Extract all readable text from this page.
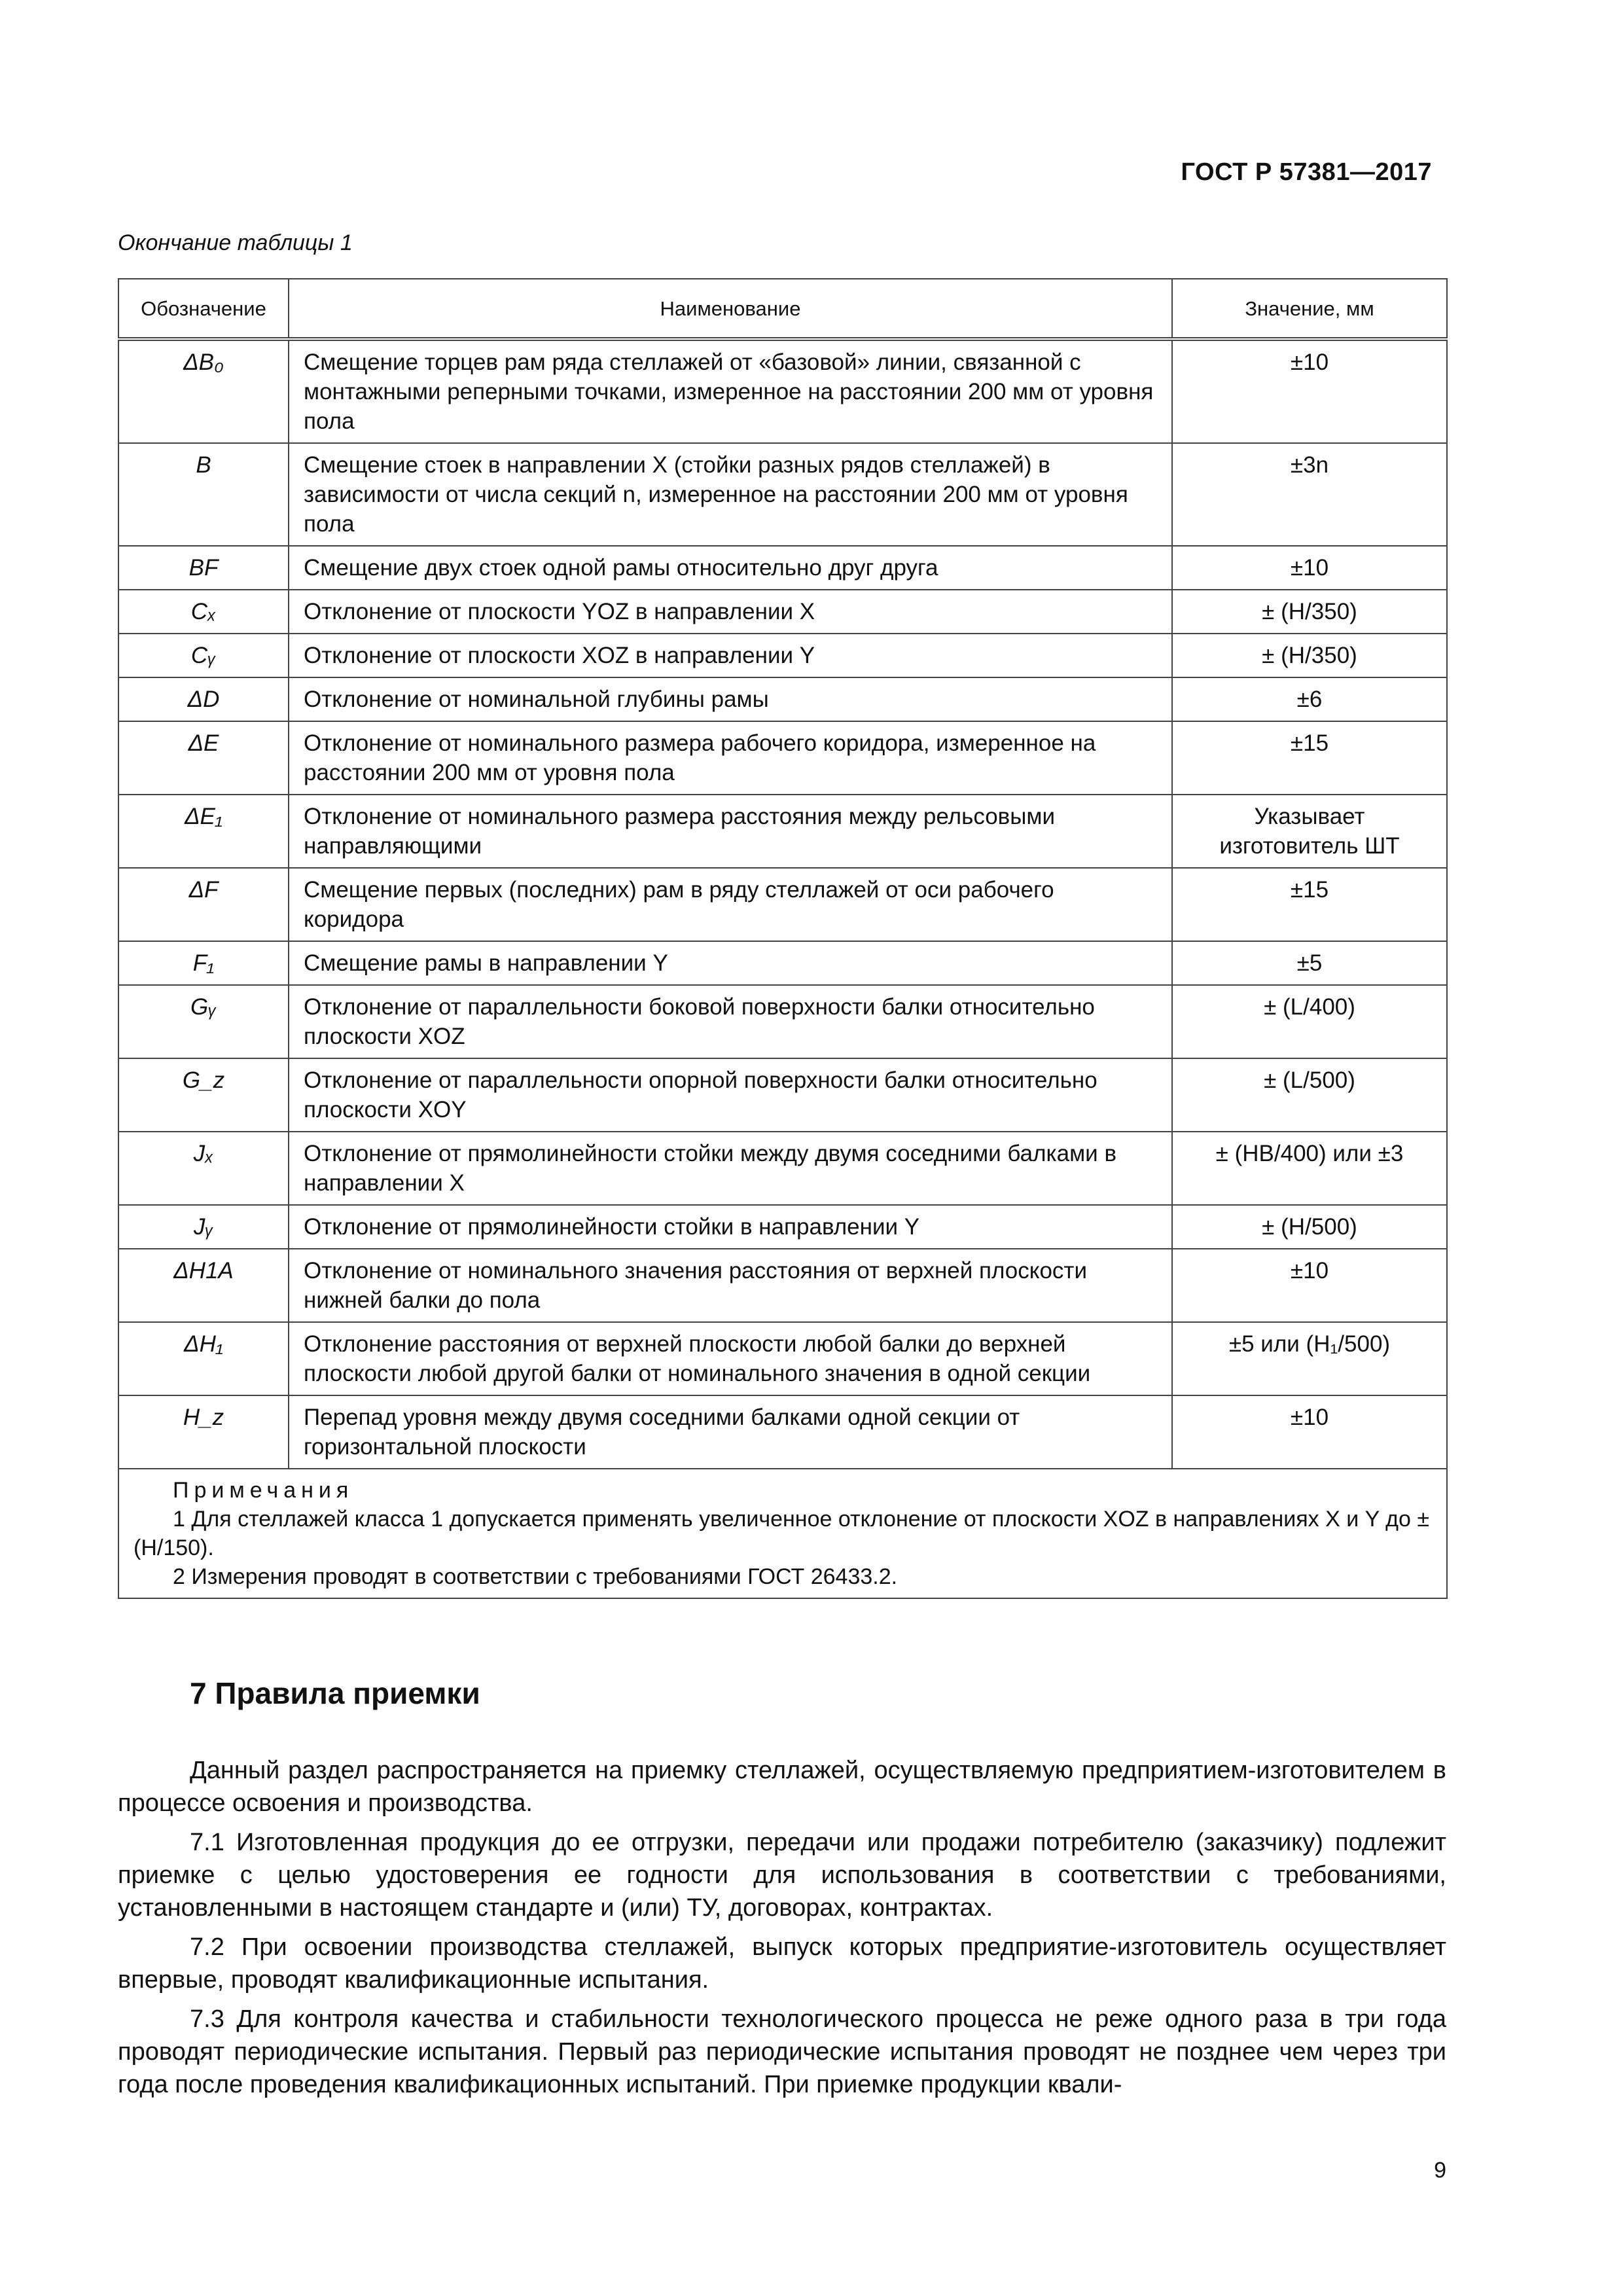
ГОСТ Р 57381—2017
Окончание таблицы 1
Обозначение	Наименование	Значение, мм
ΔB₀	Смещение торцев рам ряда стеллажей от «базовой» линии, связанной с монтажными реперными точками, измеренное на расстоянии 200 мм от уровня пола	±10
B	Смещение стоек в направлении X (стойки разных рядов стеллажей) в зависимости от числа секций n, измеренное на расстоянии 200 мм от уровня пола	±3n
BF	Смещение двух стоек одной рамы относительно друг друга	±10
Cₓ	Отклонение от плоскости YOZ в направлении X	± (H/350)
Cᵧ	Отклонение от плоскости XOZ в направлении Y	± (H/350)
ΔD	Отклонение от номинальной глубины рамы	±6
ΔE	Отклонение от номинального размера рабочего коридора, измеренное на расстоянии 200 мм от уровня пола	±15
ΔE₁	Отклонение от номинального размера расстояния между рельсовыми направляющими	Указывает изготовитель ШТ
ΔF	Смещение первых (последних) рам в ряду стеллажей от оси рабочего коридора	±15
F₁	Смещение рамы в направлении Y	±5
Gᵧ	Отклонение от параллельности боковой поверхности балки относительно плоскости XOZ	± (L/400)
G_z	Отклонение от параллельности опорной поверхности балки относительно плоскости XOY	± (L/500)
Jₓ	Отклонение от прямолинейности стойки между двумя соседними балками в направлении X	± (HB/400) или ±3
Jᵧ	Отклонение от прямолинейности стойки в направлении Y	± (H/500)
ΔH1A	Отклонение от номинального значения расстояния от верхней плоскости нижней балки до пола	±10
ΔH₁	Отклонение расстояния от верхней плоскости любой балки до верхней плоскости любой другой балки от номинального значения в одной секции	±5 или (H₁/500)
H_z	Перепад уровня между двумя соседними балками одной секции от горизонтальной плоскости	±10

Примечания
1 Для стеллажей класса 1 допускается применять увеличенное отклонение от плоскости XOZ в направлениях X и Y до ± (H/150).
2 Измерения проводят в соответствии с требованиями ГОСТ 26433.2.		
7 Правила приемки

Данный раздел распространяется на приемку стеллажей, осуществляемую предприятием-изготовителем в процессе освоения и производства.

7.1 Изготовленная продукция до ее отгрузки, передачи или продажи потребителю (заказчику) подлежит приемке с целью удостоверения ее годности для использования в соответствии с требованиями, установленными в настоящем стандарте и (или) ТУ, договорах, контрактах.

7.2 При освоении производства стеллажей, выпуск которых предприятие-изготовитель осуществляет впервые, проводят квалификационные испытания.

7.3 Для контроля качества и стабильности технологического процесса не реже одного раза в три года проводят периодические испытания. Первый раз периодические испытания проводят не позднее чем через три года после проведения квалификационных испытаний. При приемке продукции квали-

9
